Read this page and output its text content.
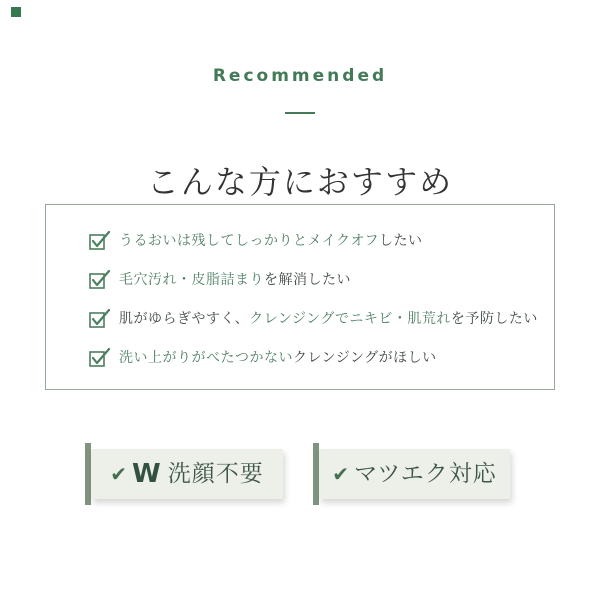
Recommended
こんな方におすすめ
うるおいは残してしっかりとメイクオフしたい
毛穴汚れ・皮脂詰まりを解消したい
肌がゆらぎやすく、クレンジングでニキビ・肌荒れを予防したい
洗い上がりがべたつかないクレンジングがほしい
✔ W 洗顔不要	✔ マツエク対応
